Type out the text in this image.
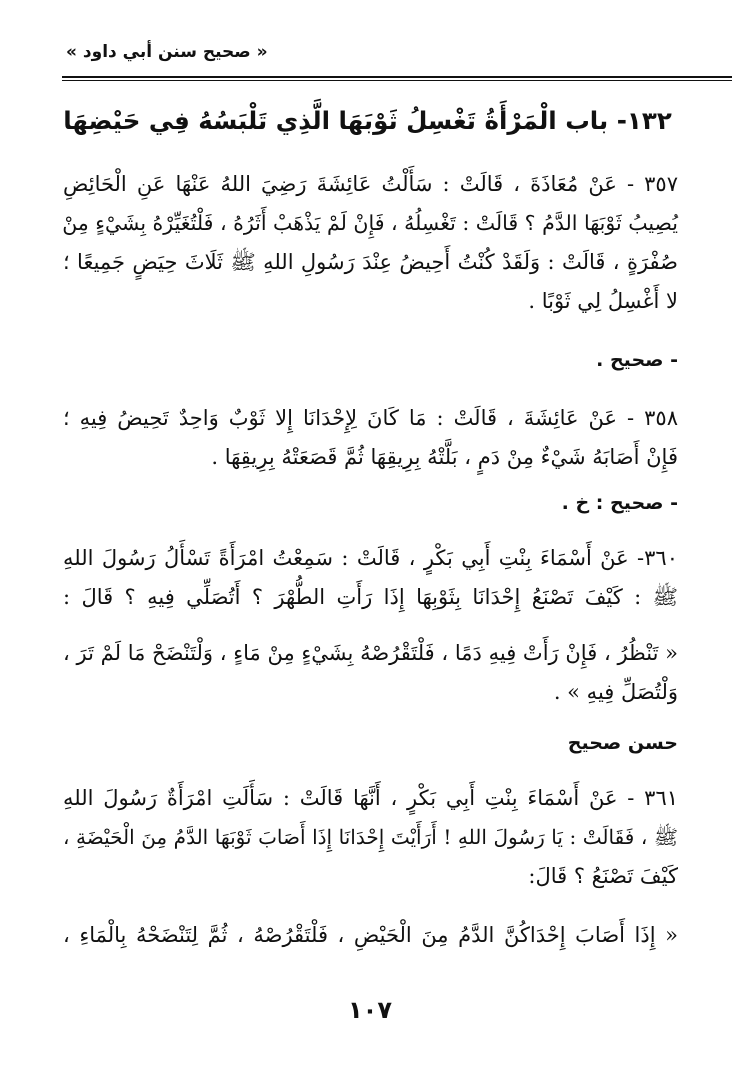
« صحيح سنن أبي داود »
١٣٢- باب الْمَرْأَةُ تَغْسِلُ ثَوْبَهَا الَّذِي تَلْبَسُهُ فِي حَيْضِهَا
٣٥٧ - عَنْ مُعَاذَةَ ، قَالَتْ : سَأَلْتُ عَائِشَةَ رَضِيَ اللهُ عَنْهَا عَنِ الْحَائِضِ
يُصِيبُ ثَوْبَهَا الدَّمُ ؟ قَالَتْ : تَغْسِلُهُ ، فَإِنْ لَمْ يَذْهَبْ أَثَرُهُ ، فَلْتُغَيِّرْهُ بِشَيْءٍ مِنْ
صُفْرَةٍ ، قَالَتْ : وَلَقَدْ كُنْتُ أَحِيضُ عِنْدَ رَسُولِ اللهِ ﷺ ثَلَاثَ حِيَضٍ جَمِيعًا ؛
لا أَغْسِلُ لِي ثَوْبًا .
- صحيح .
٣٥٨ - عَنْ عَائِشَةَ ، قَالَتْ : مَا كَانَ لِإِحْدَانَا إِلا ثَوْبٌ وَاحِدٌ تَحِيضُ فِيهِ ؛
فَإِنْ أَصَابَهُ شَيْءٌ مِنْ دَمٍ ، بَلَّتْهُ بِرِيقِهَا ثُمَّ قَصَعَتْهُ بِرِيقِهَا .
- صحيح : خ .
٣٦٠- عَنْ أَسْمَاءَ بِنْتِ أَبِي بَكْرٍ ، قَالَتْ : سَمِعْتُ امْرَأَةً تَسْأَلُ رَسُولَ اللهِ
ﷺ : كَيْفَ تَصْنَعُ إِحْدَانَا بِثَوْبِهَا إِذَا رَأَتِ الطُّهْرَ ؟ أَتُصَلِّي فِيهِ ؟ قَالَ :
« تَنْظُرُ ، فَإِنْ رَأَتْ فِيهِ دَمًا ، فَلْتَقْرُصْهُ بِشَيْءٍ مِنْ مَاءٍ ، وَلْتَنْضَحْ مَا لَمْ تَرَ ،
وَلْتُصَلِّ فِيهِ » .
حسن صحيح
٣٦١ - عَنْ أَسْمَاءَ بِنْتِ أَبِي بَكْرٍ ، أَنَّهَا قَالَتْ : سَأَلَتِ امْرَأَةٌ رَسُولَ اللهِ
ﷺ ، فَقَالَتْ : يَا رَسُولَ اللهِ ! أَرَأَيْتَ إِحْدَانَا إِذَا أَصَابَ ثَوْبَهَا الدَّمُ مِنَ الْحَيْضَةِ ،
كَيْفَ تَصْنَعُ ؟ قَالَ:
« إِذَا أَصَابَ إِحْدَاكُنَّ الدَّمُ مِنَ الْحَيْضِ ، فَلْتَقْرُصْهُ ، ثُمَّ لِتَنْضَحْهُ بِالْمَاءِ ،
١٠٧
